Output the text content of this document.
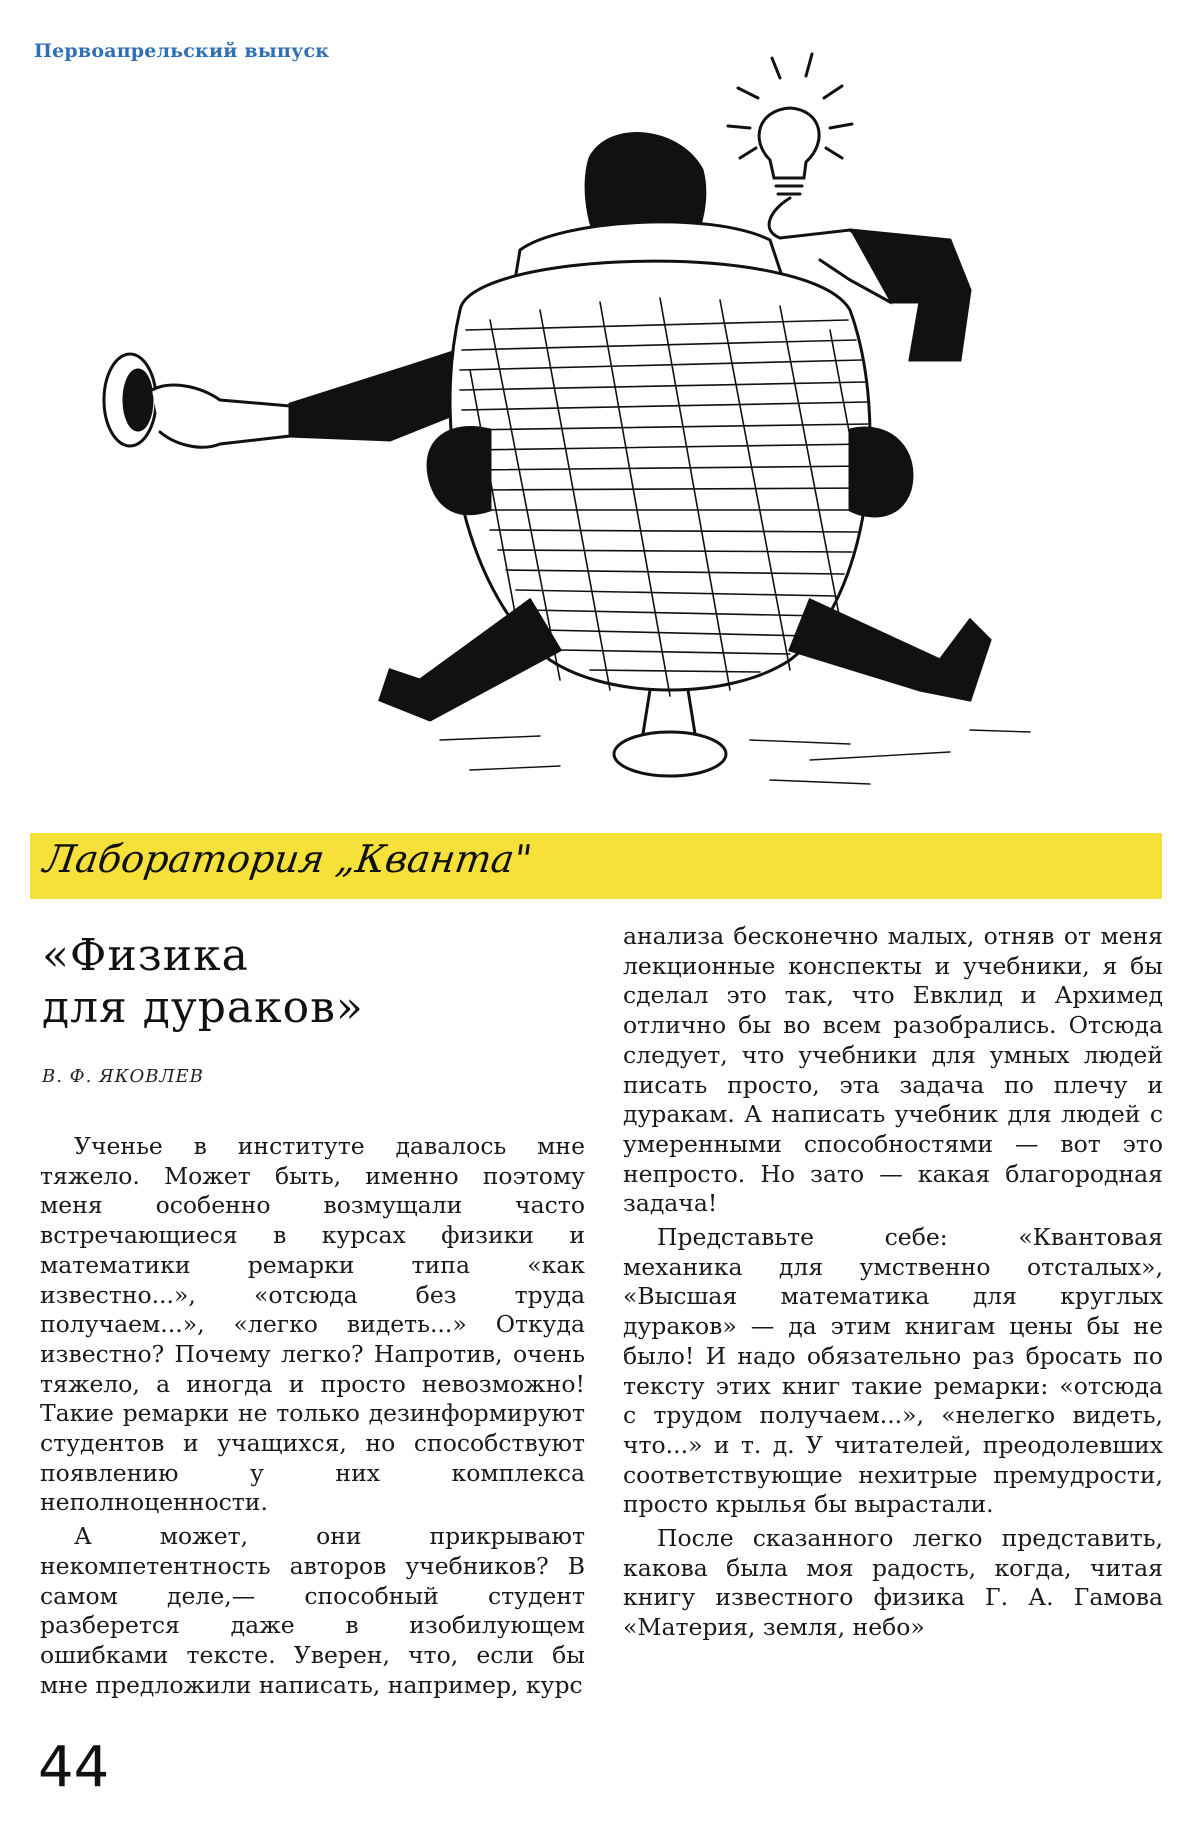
Первоапрельский выпуск
Лаборатория „Кванта"
«Физика
для дураков»
В. Ф. ЯКОВЛЕВ

Ученье в институте давалось мне тяжело. Может быть, именно поэтому меня особенно возмущали часто встречающиеся в курсах физики и математики ремарки типа «как известно...», «отсюда без труда получаем...», «легко видеть...» Откуда известно? Почему легко? Напротив, очень тяжело, а иногда и просто невозможно! Такие ремарки не только дезинформируют студентов и учащихся, но способствуют появлению у них комплекса неполноценности.

А может, они прикрывают некомпетентность авторов учебников? В самом деле,— способный студент разберется даже в изобилующем ошибками тексте. Уверен, что, если бы мне предложили написать, например, курс

анализа бесконечно малых, отняв от меня лекционные конспекты и учебники, я бы сделал это так, что Евклид и Архимед отлично бы во всем разобрались. Отсюда следует, что учебники для умных людей писать просто, эта задача по плечу и дуракам. А написать учебник для людей с умеренными способностями — вот это непросто. Но зато — какая благородная задача!

Представьте себе: «Квантовая механика для умственно отсталых», «Высшая математика для круглых дураков» — да этим книгам цены бы не было! И надо обязательно раз бросать по тексту этих книг такие ремарки: «отсюда с трудом получаем...», «нелегко видеть, что...» и т. д. У читателей, преодолевших соответствующие нехитрые премудрости, просто крылья бы вырастали.

После сказанного легко представить, какова была моя радость, когда, читая книгу известного физика Г. А. Гамова «Материя, земля, небо»

44
